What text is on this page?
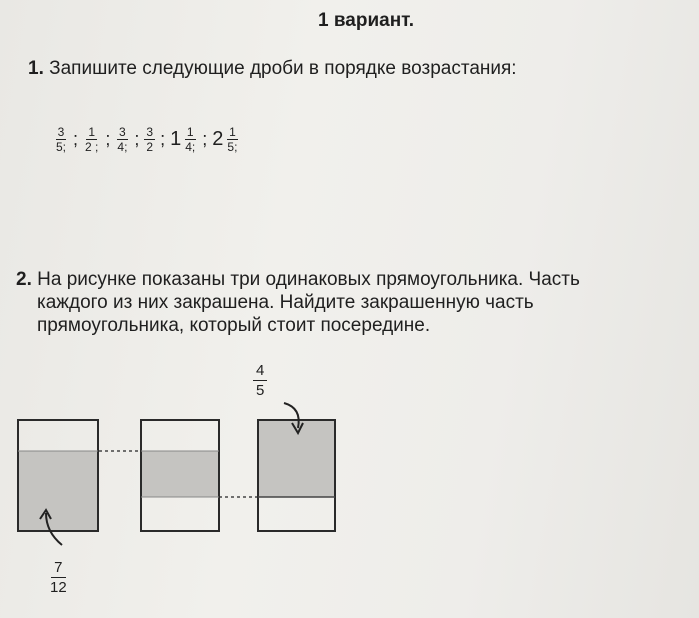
1 вариант.
1. Запишите следующие дроби в порядке возрастания:
$\frac{3}{5;}$ ; $\frac{1}{2 ;}$ ; $\frac{3}{4;}$ ; $\frac{3}{2}$ ; $1 \frac{1}{4;}$ ; $2 \frac{1}{5;}$
2. На рисунке показаны три одинаковых прямоугольника. Часть
каждого из них закрашена. Найдите закрашенную часть
прямоугольника, который стоит посередине.
$\frac{7}{12}$
$\frac{4}{5}$
